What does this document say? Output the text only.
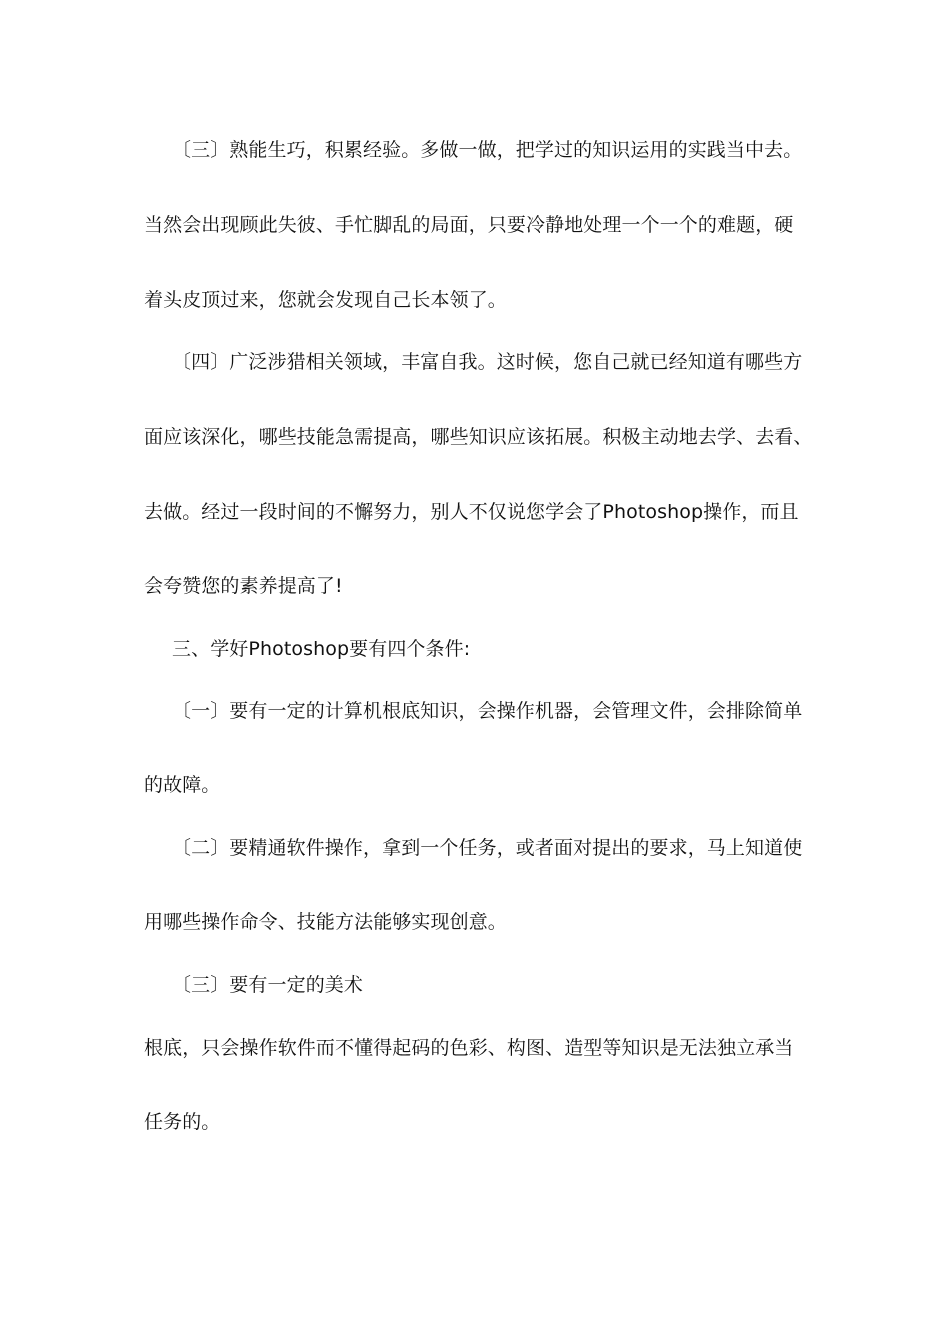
〔三〕熟能生巧，积累经验。多做一做，把学过的知识运用的实践当中去。
当然会出现顾此失彼、手忙脚乱的局面，只要冷静地处理一个一个的难题，硬
着头皮顶过来，您就会发现自己长本领了。
〔四〕广泛涉猎相关领域，丰富自我。这时候，您自己就已经知道有哪些方
面应该深化，哪些技能急需提高，哪些知识应该拓展。积极主动地去学、去看、
去做。经过一段时间的不懈努力，别人不仅说您学会了Photoshop操作，而且
会夸赞您的素养提高了!
三、学好Photoshop要有四个条件:
〔一〕要有一定的计算机根底知识，会操作机器，会管理文件，会排除简单
的故障。
〔二〕要精通软件操作，拿到一个任务，或者面对提出的要求，马上知道使
用哪些操作命令、技能方法能够实现创意。
〔三〕要有一定的美术
根底，只会操作软件而不懂得起码的色彩、构图、造型等知识是无法独立承当
任务的。
